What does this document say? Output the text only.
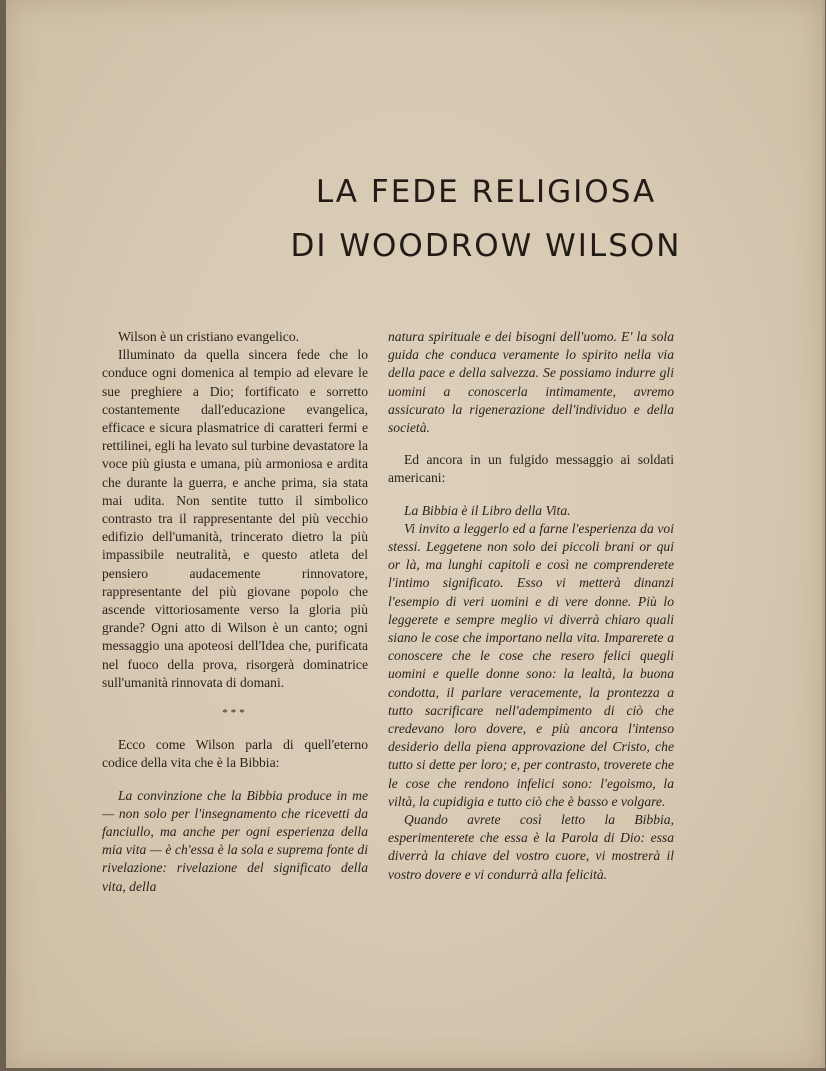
LA FEDE RELIGIOSA
DI WOODROW WILSON

Wilson è un cristiano evangelico.

Illuminato da quella sincera fede che lo conduce ogni domenica al tempio ad elevare le sue preghiere a Dio; fortificato e sorretto costantemente dall'educazione evangelica, efficace e sicura plasmatrice di caratteri fermi e rettilinei, egli ha levato sul turbine devastatore la voce più giusta e umana, più armoniosa e ardita che durante la guerra, e anche prima, sia stata mai udita. Non sentite tutto il simbolico contrasto tra il rappresentante del più vecchio edifizio dell'umanità, trincerato dietro la più impassibile neutralità, e questo atleta del pensiero audacemente rinnovatore, rappresentante del più giovane popolo che ascende vittoriosamente verso la gloria più grande? Ogni atto di Wilson è un canto; ogni messaggio una apoteosi dell'Idea che, purificata nel fuoco della prova, risorgerà dominatrice sull'umanità rinnovata di domani.

***

Ecco come Wilson parla di quell'eterno codice della vita che è la Bibbia:

La convinzione che la Bibbia produce in me — non solo per l'insegnamento che ricevetti da fanciullo, ma anche per ogni esperienza della mia vita — è ch'essa è la sola e suprema fonte di rivelazione: rivelazione del significato della vita, della

natura spirituale e dei bisogni dell'uomo. E' la sola guida che conduca veramente lo spirito nella via della pace e della salvezza. Se possiamo indurre gli uomini a conoscerla intimamente, avremo assicurato la rigenerazione dell'individuo e della società.

Ed ancora in un fulgido messaggio ai soldati americani:

La Bibbia è il Libro della Vita.

Vi invito a leggerlo ed a farne l'esperienza da voi stessi. Leggetene non solo dei piccoli brani or qui or là, ma lunghi capitoli e così ne comprenderete l'intimo significato. Esso vi metterà dinanzi l'esempio di veri uomini e di vere donne. Più lo leggerete e sempre meglio vi diverrà chiaro quali siano le cose che importano nella vita. Imparerete a conoscere che le cose che resero felici quegli uomini e quelle donne sono: la lealtà, la buona condotta, il parlare veracemente, la prontezza a tutto sacrificare nell'adempimento di ciò che credevano loro dovere, e più ancora l'intenso desiderio della piena approvazione del Cristo, che tutto si dette per loro; e, per contrasto, troverete che le cose che rendono infelici sono: l'egoismo, la viltà, la cupidigia e tutto ciò che è basso e volgare.

Quando avrete così letto la Bibbia, esperimenterete che essa è la Parola di Dio: essa diverrà la chiave del vostro cuore, vi mostrerà il vostro dovere e vi condurrà alla felicità.
